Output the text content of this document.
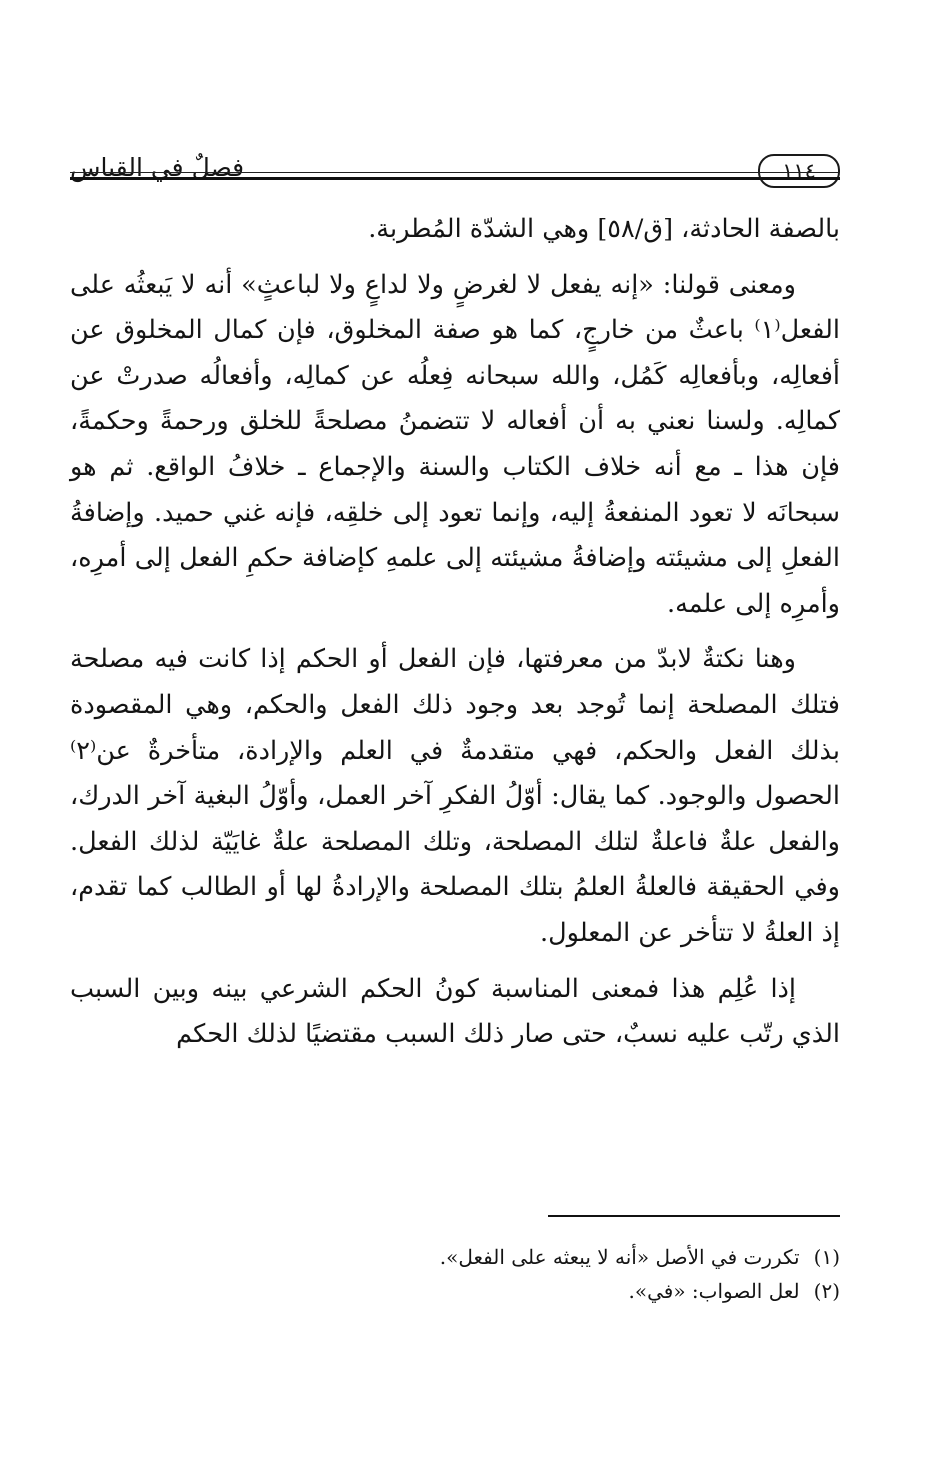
١١٤
فصلٌ في القياس

بالصفة الحادثة، [ق/٥٨] وهي الشدّة المُطربة.

ومعنى قولنا: «إنه يفعل لا لغرضٍ ولا لداعٍ ولا لباعثٍ» أنه لا يَبعثُه على الفعل⁽١⁾ باعثٌ من خارجٍ، كما هو صفة المخلوق، فإن كمال المخلوق عن أفعالِه، وبأفعالِه كَمُل، والله سبحانه فِعلُه عن كمالِه، وأفعالُه صدرتْ عن كمالِه. ولسنا نعني به أن أفعاله لا تتضمنُ مصلحةً للخلق ورحمةً وحكمةً، فإن هذا ـ مع أنه خلاف الكتاب والسنة والإجماع ـ خلافُ الواقع. ثم هو سبحانَه لا تعود المنفعةُ إليه، وإنما تعود إلى خلقِه، فإنه غني حميد. وإضافةُ الفعلِ إلى مشيئته وإضافةُ مشيئته إلى علمهِ كإضافة حكمِ الفعل إلى أمرِه، وأمرِه إلى علمه.

وهنا نكتةٌ لابدّ من معرفتها، فإن الفعل أو الحكم إذا كانت فيه مصلحة فتلك المصلحة إنما تُوجد بعد وجود ذلك الفعل والحكم، وهي المقصودة بذلك الفعل والحكم، فهي متقدمةٌ في العلم والإرادة، متأخرةٌ عن⁽٢⁾ الحصول والوجود. كما يقال: أوّلُ الفكرِ آخر العمل، وأوّلُ البغية آخر الدرك، والفعل علةٌ فاعلةٌ لتلك المصلحة، وتلك المصلحة علةٌ غايَيّة لذلك الفعل. وفي الحقيقة فالعلةُ العلمُ بتلك المصلحة والإرادةُ لها أو الطالب كما تقدم، إذ العلةُ لا تتأخر عن المعلول.

إذا عُلِم هذا فمعنى المناسبة كونُ الحكم الشرعي بينه وبين السبب الذي رتّب عليه نسبٌ، حتى صار ذلك السبب مقتضيًا لذلك الحكم

(١)
تكررت في الأصل «أنه لا يبعثه على الفعل».
(٢)
لعل الصواب: «في».
